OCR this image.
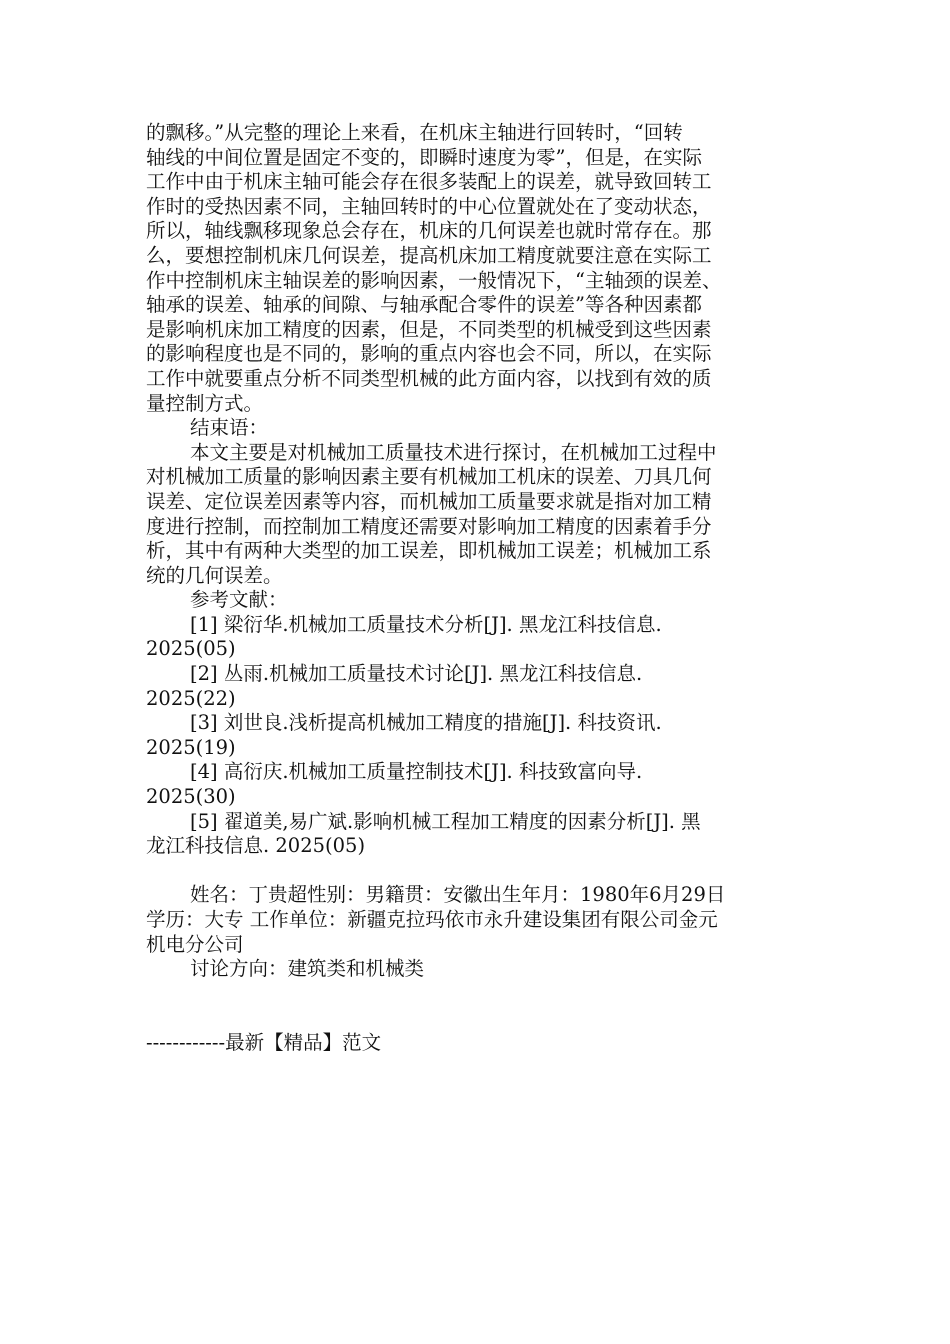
的飘移。”从完整的理论上来看，在机床主轴进行回转时，“回转
轴线的中间位置是固定不变的，即瞬时速度为零”，但是，在实际
工作中由于机床主轴可能会存在很多装配上的误差，就导致回转工
作时的受热因素不同，主轴回转时的中心位置就处在了变动状态，
所以，轴线飘移现象总会存在，机床的几何误差也就时常存在。那
么，要想控制机床几何误差，提高机床加工精度就要注意在实际工
作中控制机床主轴误差的影响因素，一般情况下，“主轴颈的误差、
轴承的误差、轴承的间隙、与轴承配合零件的误差”等各种因素都
是影响机床加工精度的因素，但是，不同类型的机械受到这些因素
的影响程度也是不同的，影响的重点内容也会不同，所以，在实际
工作中就要重点分析不同类型机械的此方面内容，以找到有效的质
量控制方式。
结束语：
本文主要是对机械加工质量技术进行探讨，在机械加工过程中
对机械加工质量的影响因素主要有机械加工机床的误差、刀具几何
误差、定位误差因素等内容，而机械加工质量要求就是指对加工精
度进行控制，而控制加工精度还需要对影响加工精度的因素着手分
析，其中有两种大类型的加工误差，即机械加工误差；机械加工系
统的几何误差。
参考文献：
[1] 梁衍华.机械加工质量技术分析[J]. 黑龙江科技信息.
2025(05)
[2] 丛雨.机械加工质量技术讨论[J]. 黑龙江科技信息.
2025(22)
[3] 刘世良.浅析提高机械加工精度的措施[J]. 科技资讯.
2025(19)
[4] 高衍庆.机械加工质量控制技术[J]. 科技致富向导.
2025(30)
[5] 翟道美,易广斌.影响机械工程加工精度的因素分析[J]. 黑
龙江科技信息. 2025(05)
姓名：丁贵超性别：男籍贯：安徽出生年月：1980年6月29日
学历：大专 工作单位：新疆克拉玛依市永升建设集团有限公司金元
机电分公司
讨论方向：建筑类和机械类
------------最新【精品】范文
